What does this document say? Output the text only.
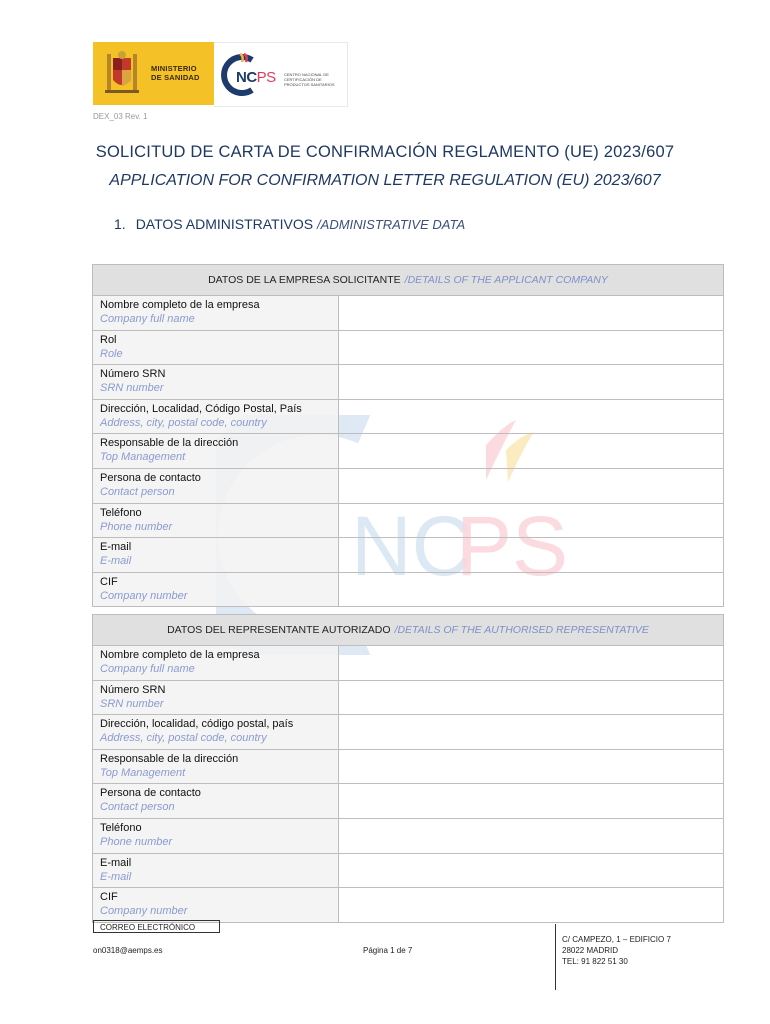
MINISTERIO
DE SANIDAD NCPS CENTRO NACIONAL DE
CERTIFICACIÓN DE
PRODUCTOS SANITARIOS
DEX_03 Rev. 1
SOLICITUD DE CARTA DE CONFIRMACIÓN REGLAMENTO (UE) 2023/607
APPLICATION FOR CONFIRMATION LETTER REGULATION (EU) 2023/607
1. DATOS ADMINISTRATIVOS /ADMINISTRATIVE DATA
NC
PS
DATOS DE LA EMPRESA SOLICITANTE /DETAILS OF THE APPLICANT COMPANY
Nombre completo de la empresa
Company full name
Rol
Role
Número SRN
SRN number
Dirección, Localidad, Código Postal, País
Address, city, postal code, country
Responsable de la dirección
Top Management
Persona de contacto
Contact person
Teléfono
Phone number
E-mail
E-mail
CIF
Company number
DATOS DEL REPRESENTANTE AUTORIZADO /DETAILS OF THE AUTHORISED REPRESENTATIVE
Nombre completo de la empresa
Company full name
Número SRN
SRN number
Dirección, localidad, código postal, país
Address, city, postal code, country
Responsable de la dirección
Top Management
Persona de contacto
Contact person
Teléfono
Phone number
E-mail
E-mail
CIF
Company number
CORREO ELECTRÓNICO
on0318@aemps.es	Página 1 de 7
C/ CAMPEZO, 1 – EDIFICIO 7
28022 MADRID
TEL: 91 822 51 30
